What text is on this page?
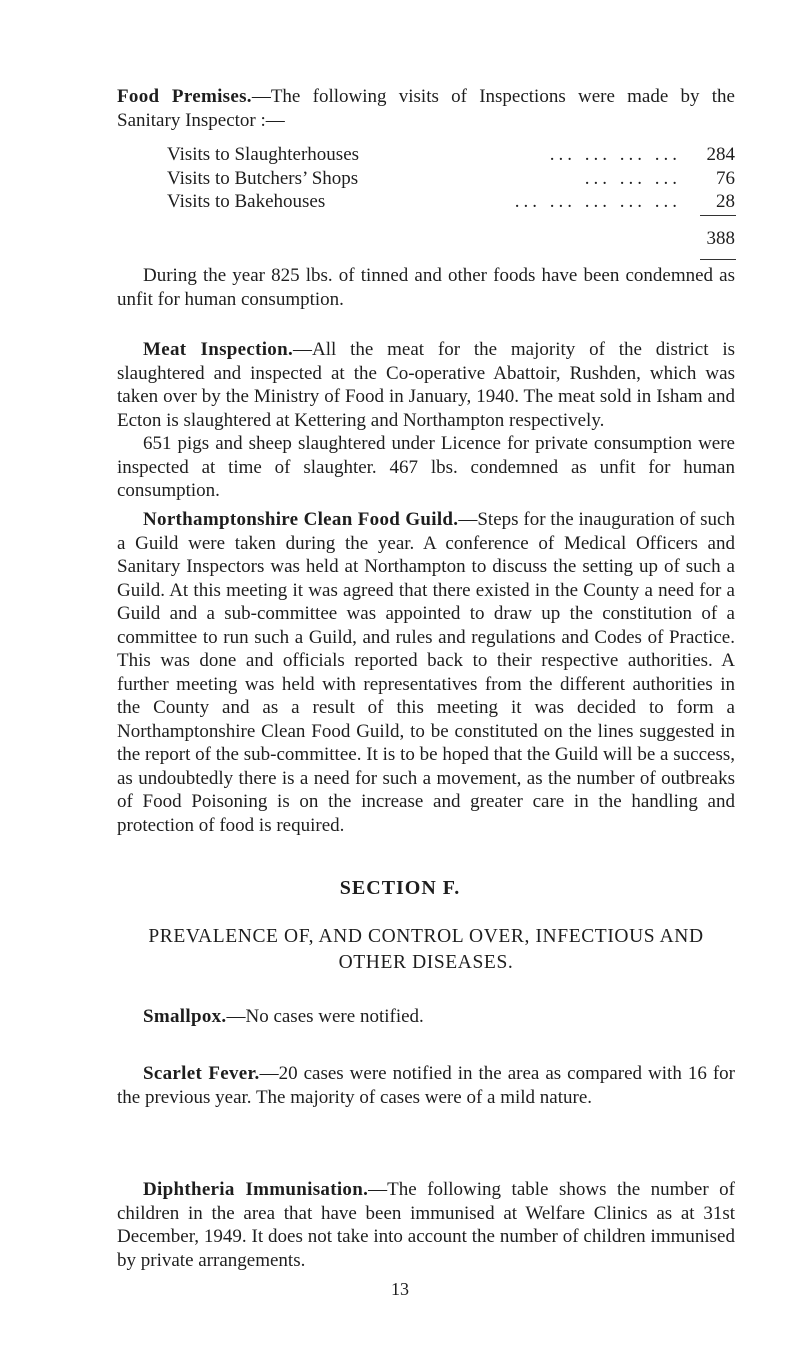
Food Premises.—The following visits of Inspections were made by the Sanitary Inspector :—

Visits to Slaughterhouses	... ... ... ...	284
Visits to Butchers’ Shops	... ... ...	76
Visits to Bakehouses	... ... ... ... ...	28
388

During the year 825 lbs. of tinned and other foods have been condemned as unfit for human consumption.

Meat Inspection.—All the meat for the majority of the district is slaughtered and inspected at the Co-operative Abattoir, Rushden, which was taken over by the Ministry of Food in January, 1940. The meat sold in Isham and Ecton is slaughtered at Kettering and Northampton respectively.

651 pigs and sheep slaughtered under Licence for private consumption were inspected at time of slaughter. 467 lbs. condemned as unfit for human consumption.

Northamptonshire Clean Food Guild.—Steps for the inauguration of such a Guild were taken during the year. A conference of Medical Officers and Sanitary Inspectors was held at Northampton to discuss the setting up of such a Guild. At this meeting it was agreed that there existed in the County a need for a Guild and a sub-committee was appointed to draw up the constitution of a committee to run such a Guild, and rules and regulations and Codes of Practice. This was done and officials reported back to their respective authorities. A further meeting was held with representatives from the different authorities in the County and as a result of this meeting it was decided to form a Northamptonshire Clean Food Guild, to be constituted on the lines suggested in the report of the sub-committee. It is to be hoped that the Guild will be a success, as undoubtedly there is a need for such a movement, as the number of outbreaks of Food Poisoning is on the increase and greater care in the handling and protection of food is required.

SECTION F.
PREVALENCE OF, AND CONTROL OVER, INFECTIOUS AND
OTHER DISEASES.

Smallpox.—No cases were notified.

Scarlet Fever.—20 cases were notified in the area as compared with 16 for the previous year. The majority of cases were of a mild nature.

Diphtheria Immunisation.—The following table shows the number of children in the area that have been immunised at Welfare Clinics as at 31st December, 1949. It does not take into account the number of children immunised by private arrangements.

13
